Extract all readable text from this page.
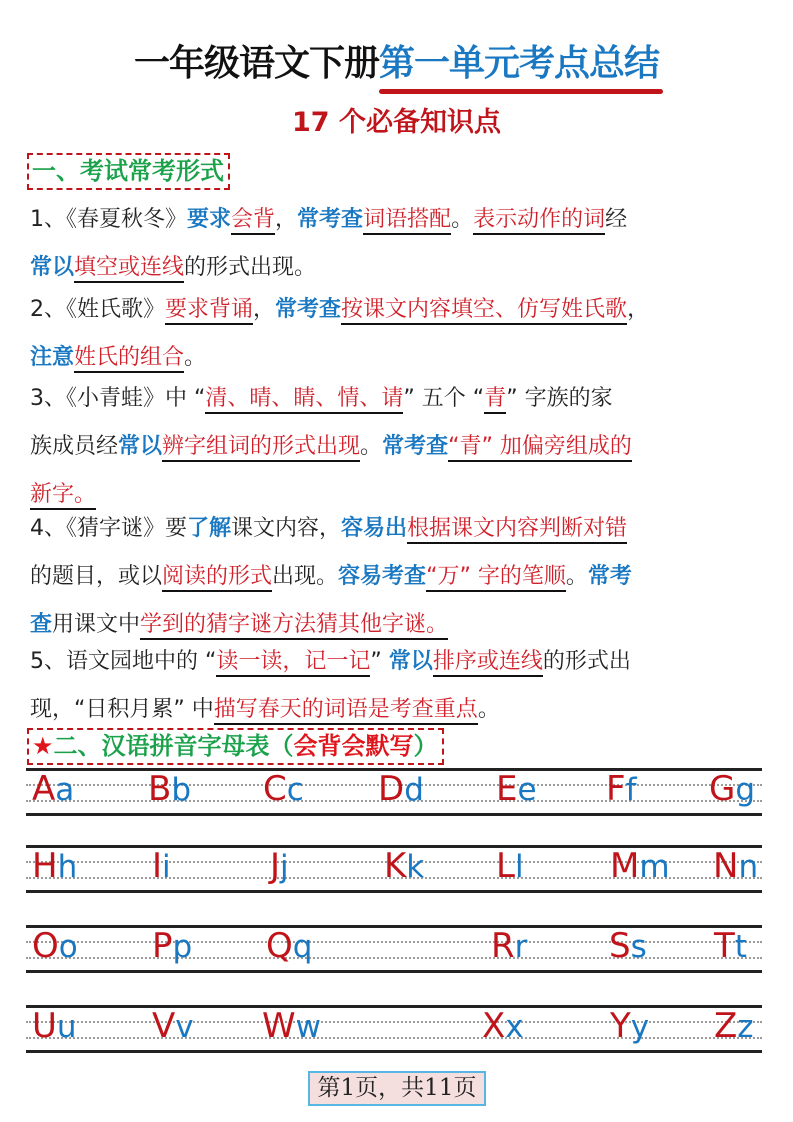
一年级语文下册第一单元考点总结
17 个必备知识点
一、考试常考形式
1、《春夏秋冬》要求会背，常考查词语搭配。表示动作的词经
常以填空或连线的形式出现。
2、《姓氏歌》要求背诵，常考查按课文内容填空、仿写姓氏歌，
注意姓氏的组合。
3、《小青蛙》中 “清、晴、睛、情、请” 五个 “青” 字族的家
族成员经常以辨字组词的形式出现。常考查“青” 加偏旁组成的
新字。
4、《猜字谜》要了解课文内容，容易出根据课文内容判断对错
的题目，或以阅读的形式出现。容易考查“万” 字的笔顺。常考
查用课文中学到的猜字谜方法猜其他字谜。
5、语文园地中的 “读一读，记一记” 常以排序或连线的形式出
现，“日积月累” 中描写春天的词语是考查重点。
★二、汉语拼音字母表（会背会默写）
Aa Bb Cc Dd Ee Ff Gg
Hh Ii	Jj	Kk Ll	Mm Nn
Oo Pp Qq	Rr Ss Tt
Uu Vv Ww	Xx	Yy Zz
第1页，共11页
